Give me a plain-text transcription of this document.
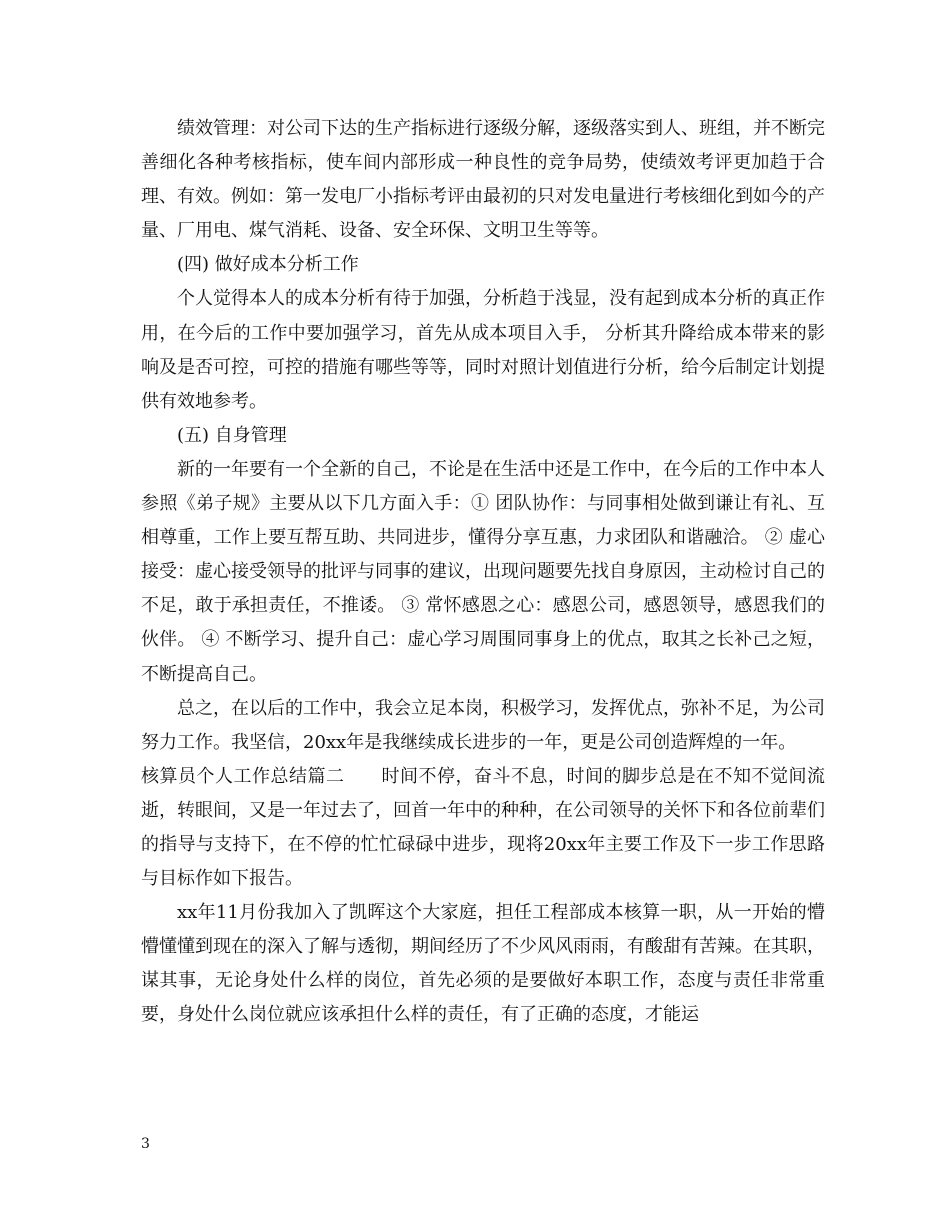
绩效管理：对公司下达的生产指标进行逐级分解，逐级落实到人、班组，并不断完善细化各种考核指标，使车间内部形成一种良性的竞争局势，使绩效考评更加趋于合理、有效。例如：第一发电厂小指标考评由最初的只对发电量进行考核细化到如今的产量、厂用电、煤气消耗、设备、安全环保、文明卫生等等。

(四) 做好成本分析工作

个人觉得本人的成本分析有待于加强，分析趋于浅显，没有起到成本分析的真正作用，在今后的工作中要加强学习，首先从成本项目入手， 分析其升降给成本带来的影响及是否可控，可控的措施有哪些等等，同时对照计划值进行分析，给今后制定计划提供有效地参考。

(五) 自身管理

新的一年要有一个全新的自己，不论是在生活中还是工作中，在今后的工作中本人参照《弟子规》主要从以下几方面入手：① 团队协作：与同事相处做到谦让有礼、互相尊重，工作上要互帮互助、共同进步，懂得分享互惠，力求团队和谐融洽。 ② 虚心接受：虚心接受领导的批评与同事的建议，出现问题要先找自身原因，主动检讨自己的不足，敢于承担责任，不推诿。 ③ 常怀感恩之心：感恩公司，感恩领导，感恩我们的伙伴。 ④ 不断学习、提升自己：虚心学习周围同事身上的优点，取其之长补己之短，不断提高自己。

总之，在以后的工作中，我会立足本岗，积极学习，发挥优点，弥补不足，为公司努力工作。我坚信，20xx年是我继续成长进步的一年，更是公司创造辉煌的一年。

核算员个人工作总结篇二　　时间不停，奋斗不息，时间的脚步总是在不知不觉间流逝，转眼间，又是一年过去了，回首一年中的种种，在公司领导的关怀下和各位前辈们的指导与支持下，在不停的忙忙碌碌中进步，现将20xx年主要工作及下一步工作思路与目标作如下报告。

xx年11月份我加入了凯晖这个大家庭，担任工程部成本核算一职，从一开始的懵懵懂懂到现在的深入了解与透彻，期间经历了不少风风雨雨，有酸甜有苦辣。在其职，谋其事，无论身处什么样的岗位，首先必须的是要做好本职工作，态度与责任非常重要，身处什么岗位就应该承担什么样的责任，有了正确的态度，才能运

3
